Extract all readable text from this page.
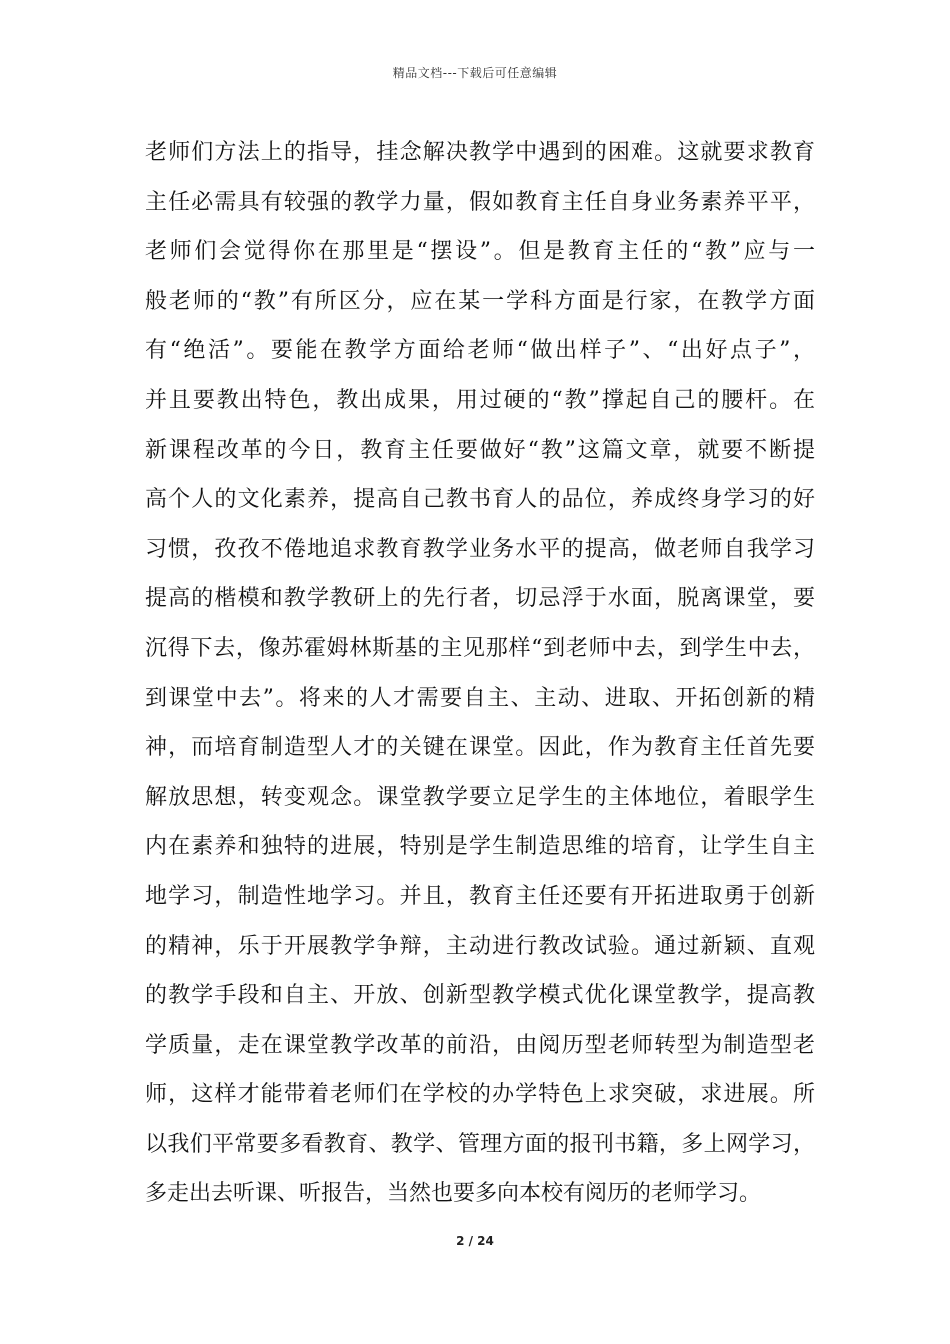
精品文档---下载后可任意编辑
老师们方法上的指导，挂念解决教学中遇到的困难。这就要求教育
主任必需具有较强的教学力量，假如教育主任自身业务素养平平，
老师们会觉得你在那里是“摆设”。但是教育主任的“教”应与一
般老师的“教”有所区分，应在某一学科方面是行家，在教学方面
有“绝活”。要能在教学方面给老师“做出样子”、“出好点子”，
并且要教出特色，教出成果，用过硬的“教”撑起自己的腰杆。在
新课程改革的今日，教育主任要做好“教”这篇文章，就要不断提
高个人的文化素养，提高自己教书育人的品位，养成终身学习的好
习惯，孜孜不倦地追求教育教学业务水平的提高，做老师自我学习
提高的楷模和教学教研上的先行者，切忌浮于水面，脱离课堂，要
沉得下去，像苏霍姆林斯基的主见那样“到老师中去，到学生中去，
到课堂中去”。将来的人才需要自主、主动、进取、开拓创新的精
神，而培育制造型人才的关键在课堂。因此，作为教育主任首先要
解放思想，转变观念。课堂教学要立足学生的主体地位，着眼学生
内在素养和独特的进展，特别是学生制造思维的培育，让学生自主
地学习，制造性地学习。并且，教育主任还要有开拓进取勇于创新
的精神，乐于开展教学争辩，主动进行教改试验。通过新颖、直观
的教学手段和自主、开放、创新型教学模式优化课堂教学，提高教
学质量，走在课堂教学改革的前沿，由阅历型老师转型为制造型老
师，这样才能带着老师们在学校的办学特色上求突破，求进展。所
以我们平常要多看教育、教学、管理方面的报刊书籍，多上网学习，
多走出去听课、听报告，当然也要多向本校有阅历的老师学习。
2 / 24
